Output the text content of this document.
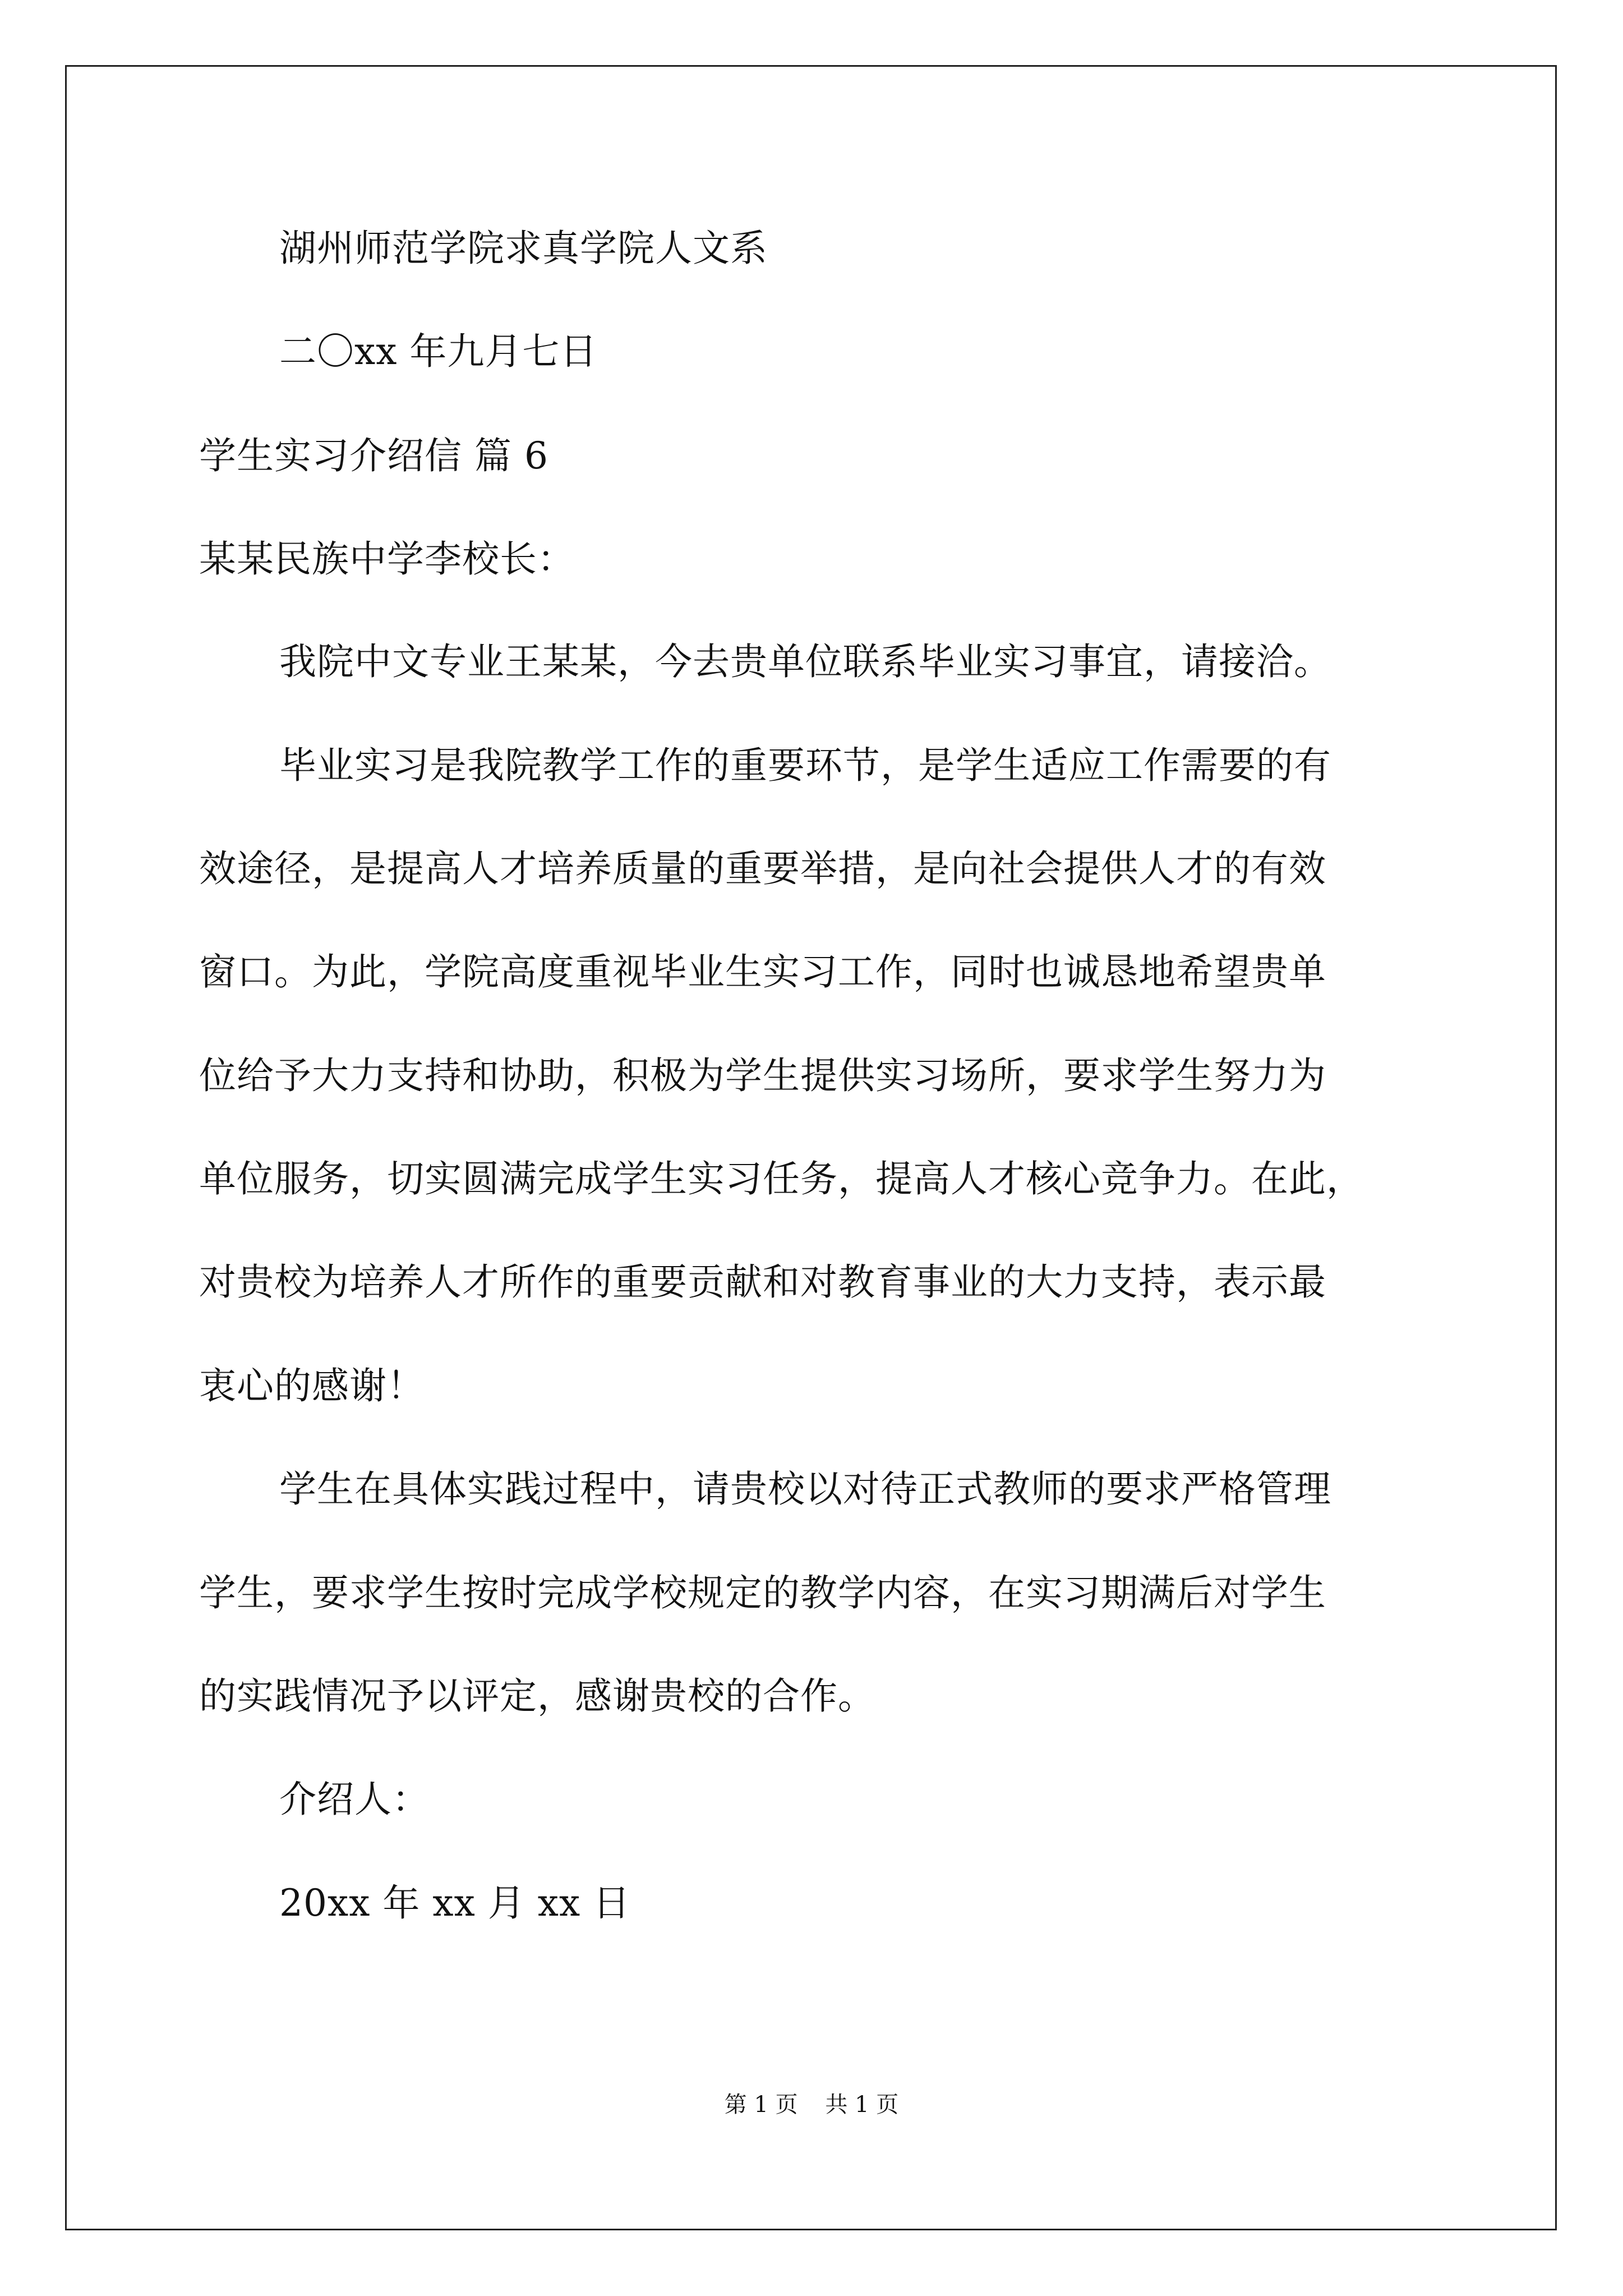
湖州师范学院求真学院人文系
二〇xx 年九月七日
学生实习介绍信 篇 6
某某民族中学李校长：
我院中文专业王某某，今去贵单位联系毕业实习事宜，请接洽。
毕业实习是我院教学工作的重要环节，是学生适应工作需要的有
效途径，是提高人才培养质量的重要举措，是向社会提供人才的有效
窗口。为此，学院高度重视毕业生实习工作，同时也诚恳地希望贵单
位给予大力支持和协助，积极为学生提供实习场所，要求学生努力为
单位服务，切实圆满完成学生实习任务，提高人才核心竞争力。在此，
对贵校为培养人才所作的重要贡献和对教育事业的大力支持，表示最
衷心的感谢！
学生在具体实践过程中，请贵校以对待正式教师的要求严格管理
学生，要求学生按时完成学校规定的教学内容，在实习期满后对学生
的实践情况予以评定，感谢贵校的合作。
介绍人：
20xx 年 xx 月 xx 日
第 1 页 共 1 页
